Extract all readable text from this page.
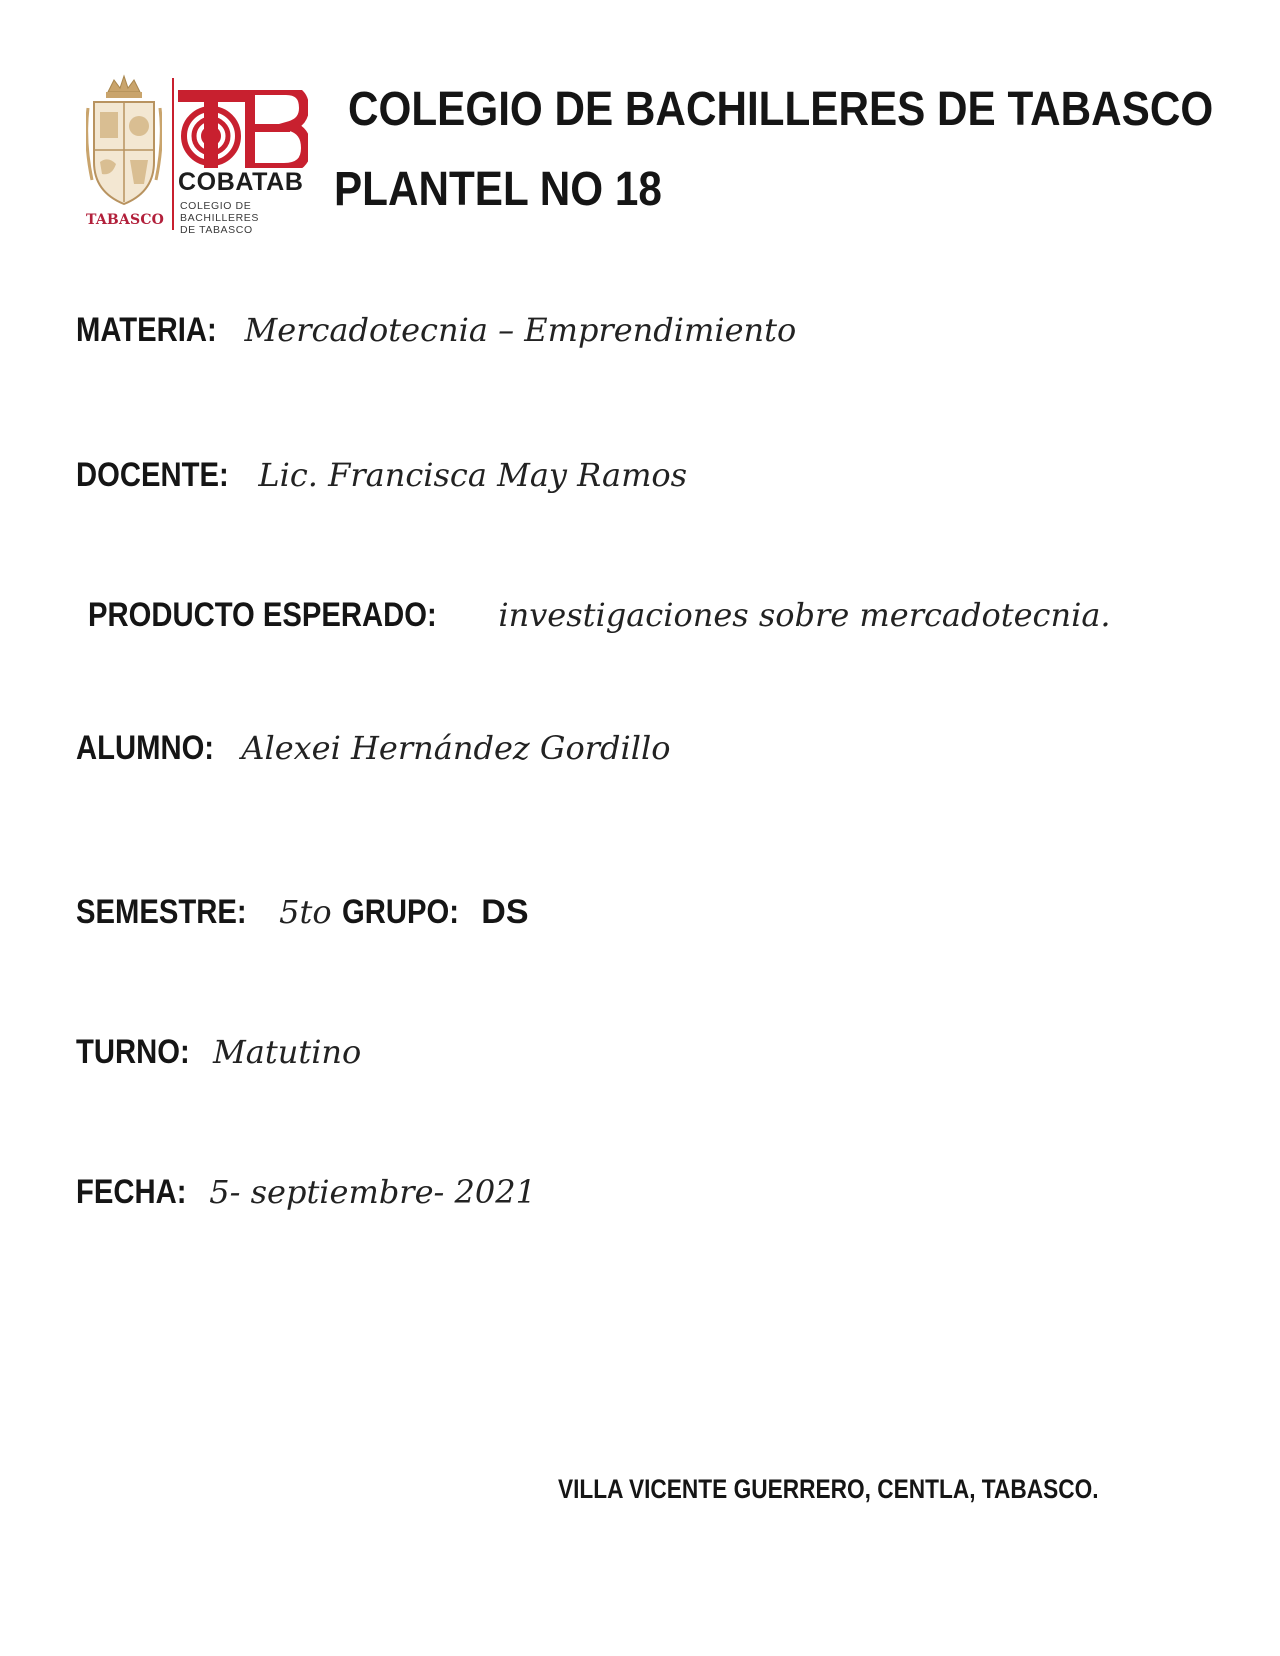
TABASCO
COBATAB
COLEGIO DE BACHILLERES
DE TABASCO
COLEGIO DE BACHILLERES DE TABASCO
PLANTEL NO 18
MATERIA: Mercadotecnia – Emprendimiento
DOCENTE: Lic. Francisca May Ramos
PRODUCTO ESPERADO: investigaciones sobre mercadotecnia.
ALUMNO: Alexei Hernández Gordillo
SEMESTRE: 5to GRUPO: DS
TURNO: Matutino
FECHA: 5- septiembre- 2021
VILLA VICENTE GUERRERO, CENTLA, TABASCO.
